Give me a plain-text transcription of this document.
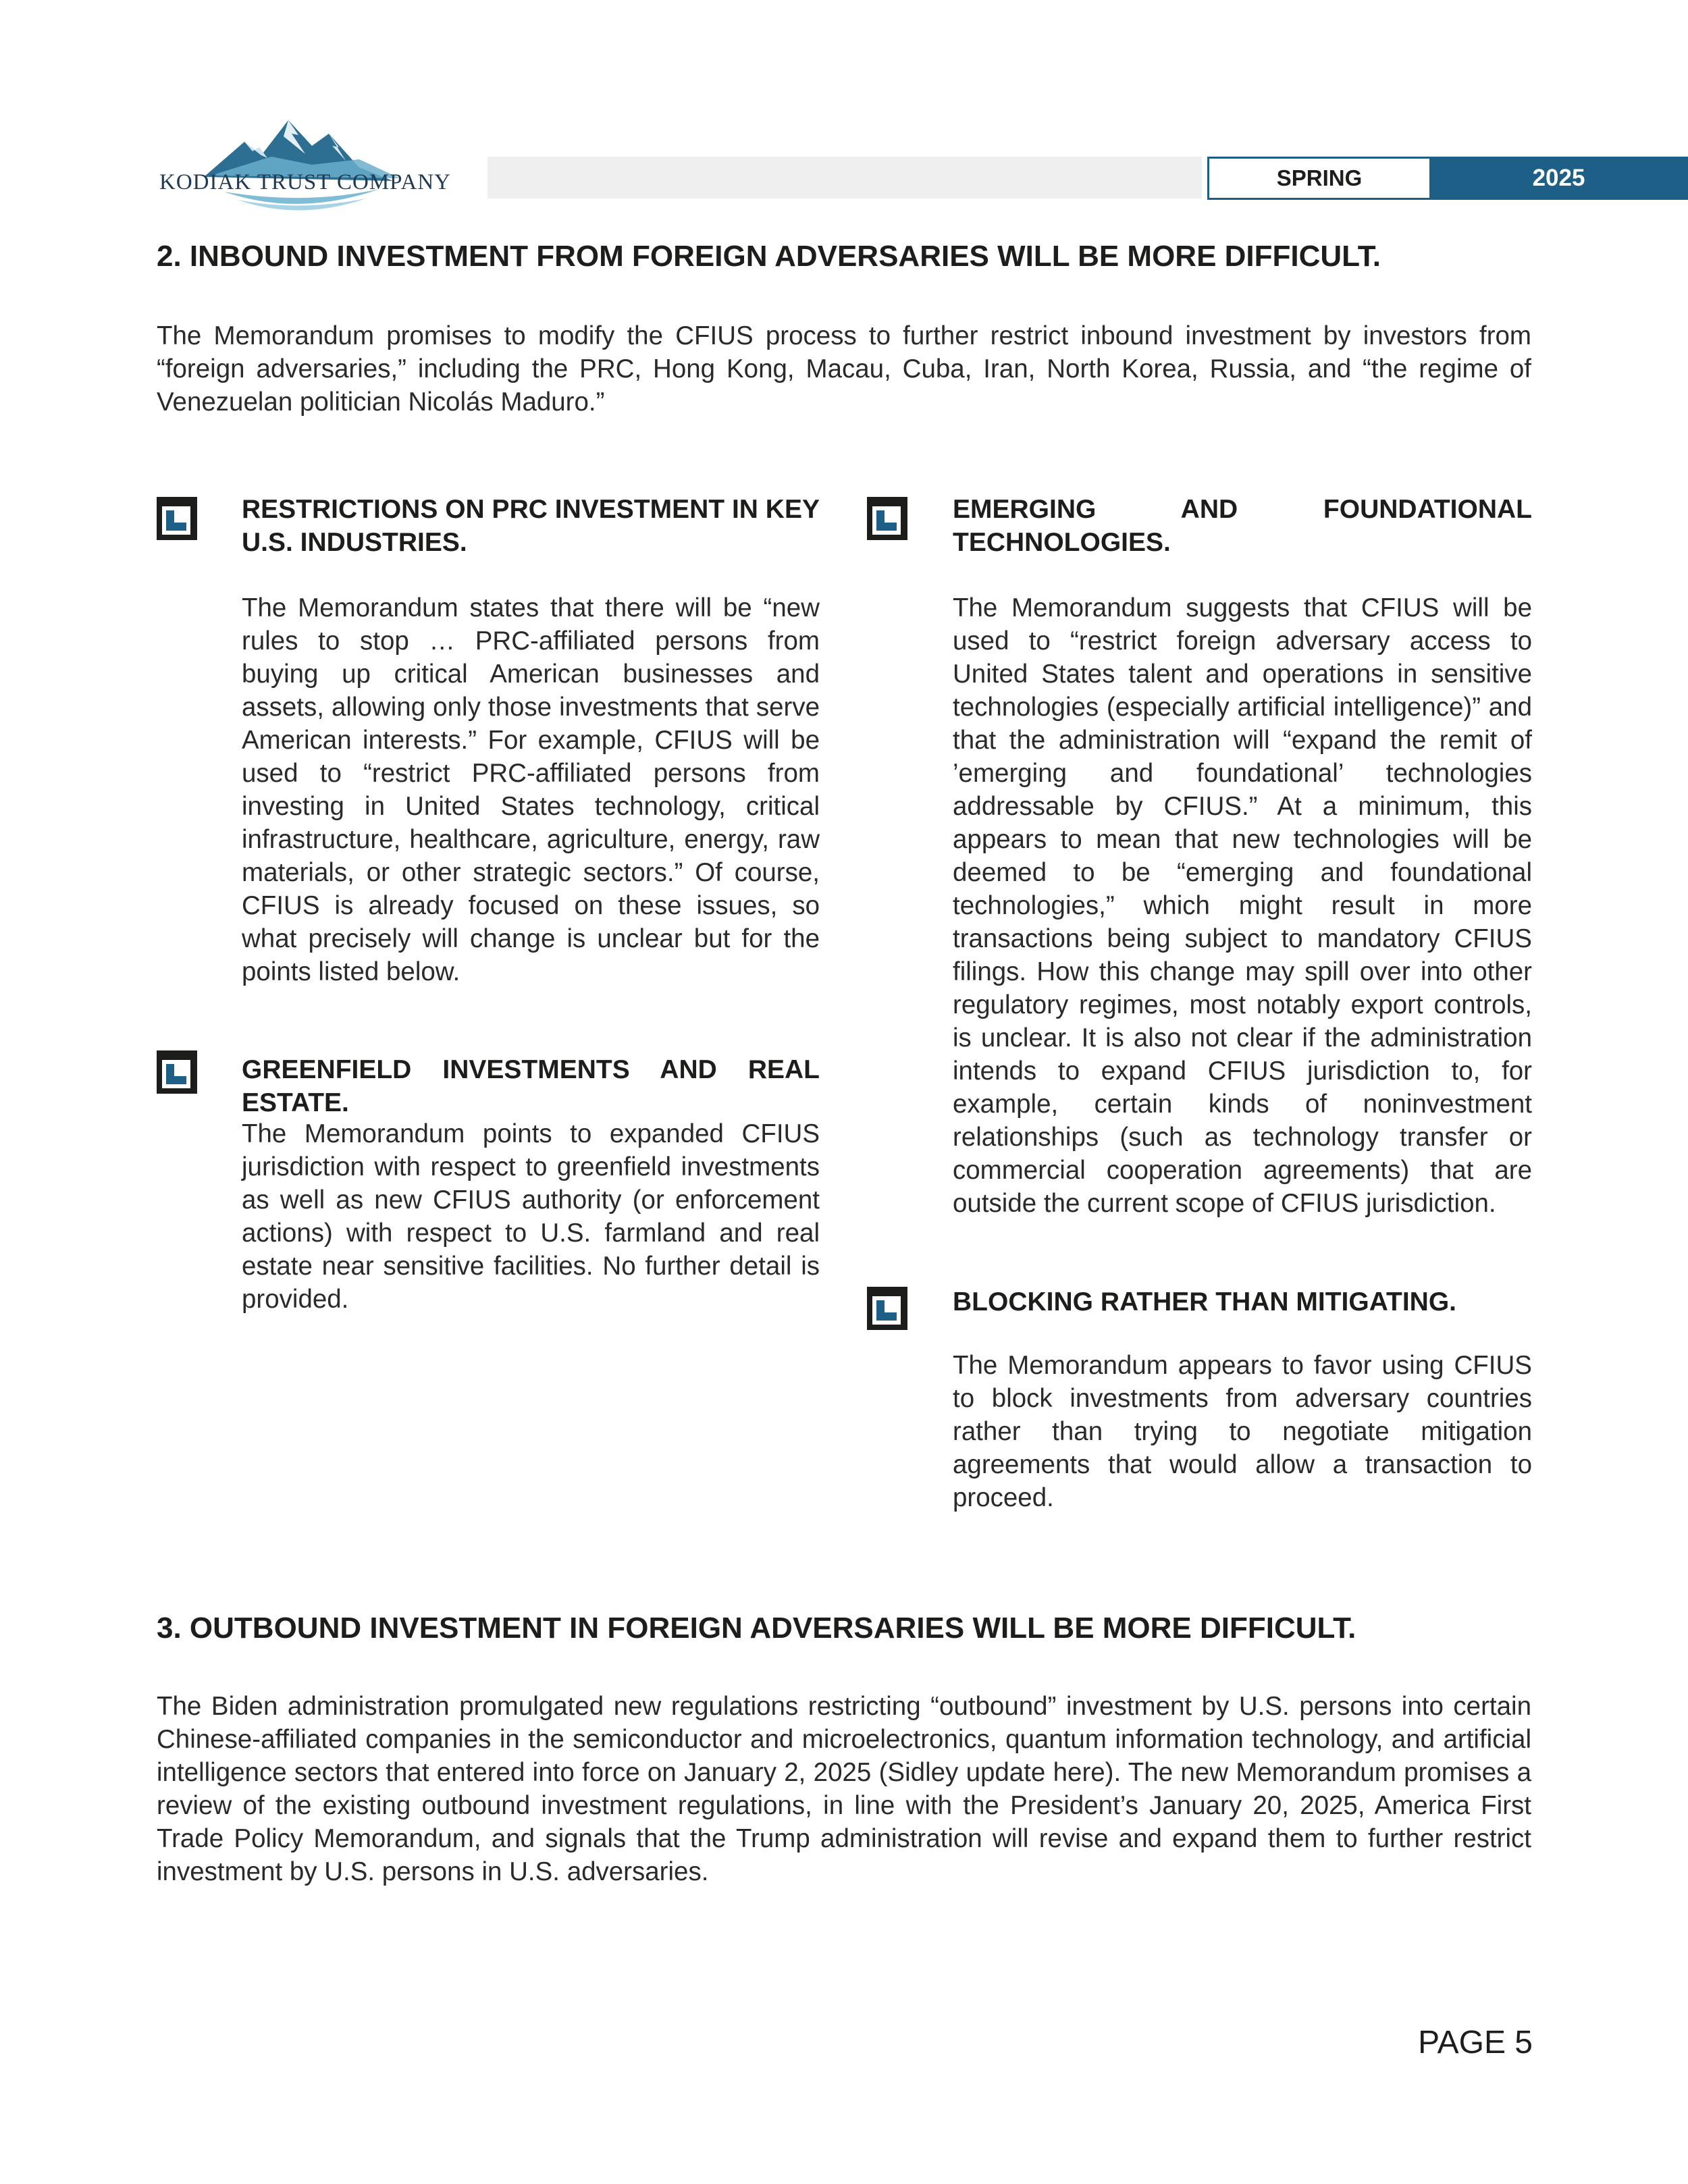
KODIAK TRUST COMPANY	SPRING	2025
2. INBOUND INVESTMENT FROM FOREIGN ADVERSARIES WILL BE MORE DIFFICULT.

The Memorandum promises to modify the CFIUS process to further restrict inbound investment by investors from “foreign adversaries,” including the PRC, Hong Kong, Macau, Cuba, Iran, North Korea, Russia, and “the regime of Venezuelan politician Nicolás Maduro.”

RESTRICTIONS ON PRC INVESTMENT IN KEY U.S. INDUSTRIES.

The Memorandum states that there will be “new rules to stop … PRC-affiliated persons from buying up critical American businesses and assets, allowing only those investments that serve American interests.” For example, CFIUS will be used to “restrict PRC-affiliated persons from investing in United States technology, critical infrastructure, healthcare, agriculture, energy, raw materials, or other strategic sectors.” Of course, CFIUS is already focused on these issues, so what precisely will change is unclear but for the points listed below.

GREENFIELD INVESTMENTS AND REAL ESTATE.

The Memorandum points to expanded CFIUS jurisdiction with respect to greenfield investments as well as new CFIUS authority (or enforcement actions) with respect to U.S. farmland and real estate near sensitive facilities. No further detail is provided.

EMERGING AND FOUNDATIONAL TECHNOLOGIES.

The Memorandum suggests that CFIUS will be used to “restrict foreign adversary access to United States talent and operations in sensitive technologies (especially artificial intelligence)” and that the administration will “expand the remit of ’emerging and foundational’ technologies addressable by CFIUS.” At a minimum, this appears to mean that new technologies will be deemed to be “emerging and foundational technologies,” which might result in more transactions being subject to mandatory CFIUS filings. How this change may spill over into other regulatory regimes, most notably export controls, is unclear. It is also not clear if the administration intends to expand CFIUS jurisdiction to, for example, certain kinds of noninvestment relationships (such as technology transfer or commercial cooperation agreements) that are outside the current scope of CFIUS jurisdiction.

BLOCKING RATHER THAN MITIGATING.

The Memorandum appears to favor using CFIUS to block investments from adversary countries rather than trying to negotiate mitigation agreements that would allow a transaction to proceed.

3. OUTBOUND INVESTMENT IN FOREIGN ADVERSARIES WILL BE MORE DIFFICULT.

The Biden administration promulgated new regulations restricting “outbound” investment by U.S. persons into certain Chinese-affiliated companies in the semiconductor and microelectronics, quantum information technology, and artificial intelligence sectors that entered into force on January 2, 2025 (Sidley update here). The new Memorandum promises a review of the existing outbound investment regulations, in line with the President’s January 20, 2025, America First Trade Policy Memorandum, and signals that the Trump administration will revise and expand them to further restrict investment by U.S. persons in U.S. adversaries.

PAGE 5
